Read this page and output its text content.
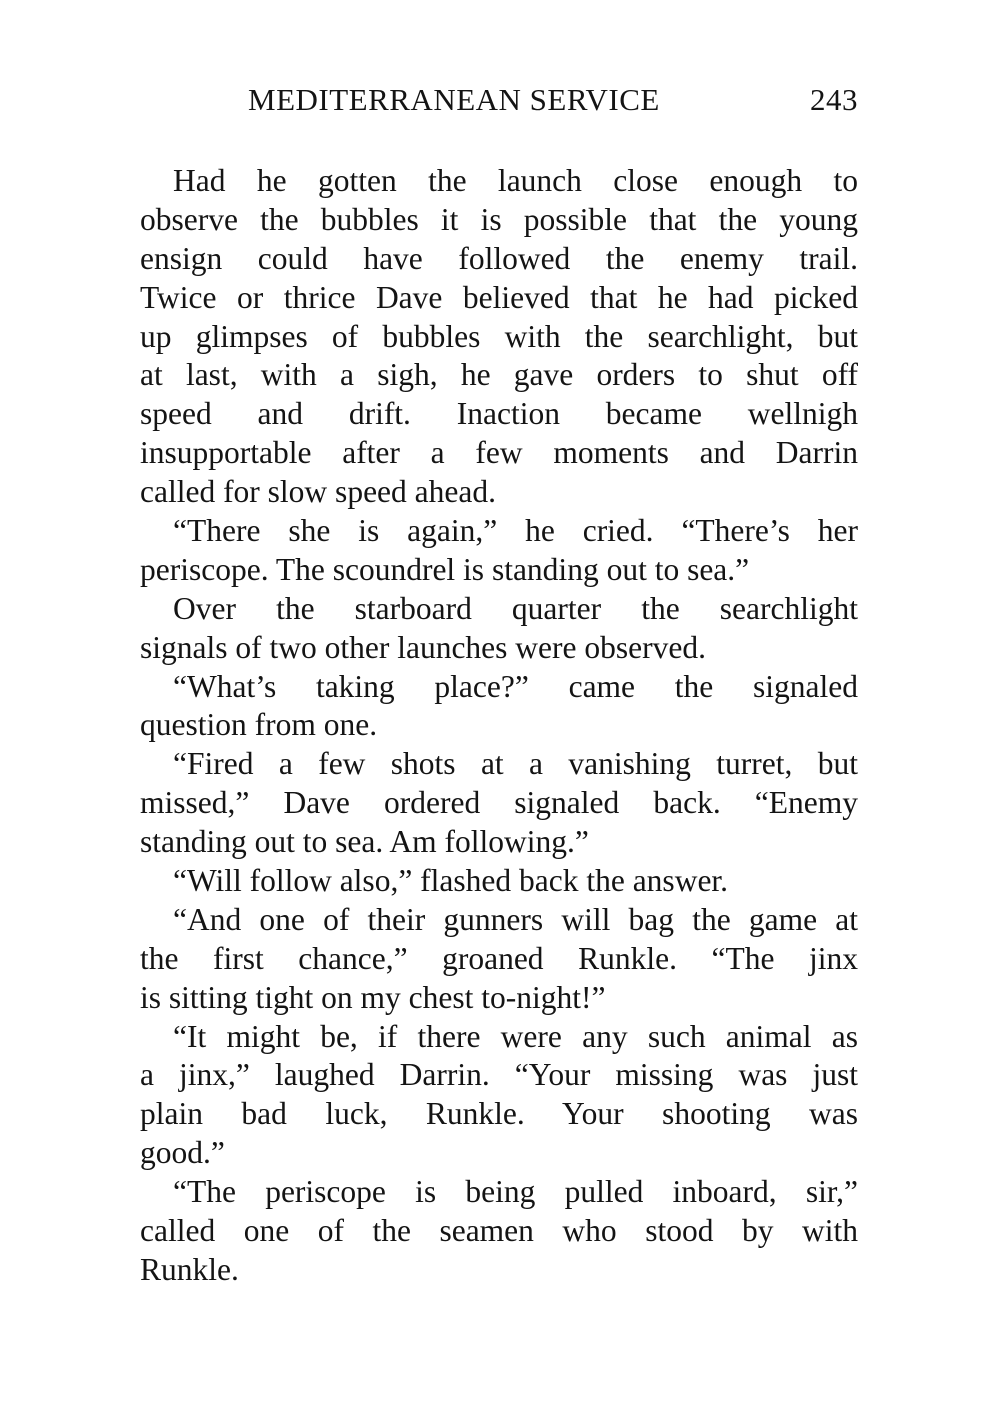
MEDITERRANEAN SERVICE	243
Had he gotten the launch close enough to
observe the bubbles it is possible that the young
ensign could have followed the enemy trail.
Twice or thrice Dave believed that he had picked
up glimpses of bubbles with the searchlight, but
at last, with a sigh, he gave orders to shut off
speed and drift. Inaction became wellnigh
insupportable after a few moments and Darrin
called for slow speed ahead.
“There she is again,” he cried. “There’s her
periscope. The scoundrel is standing out to sea.”
Over the starboard quarter the searchlight
signals of two other launches were observed.
“What’s taking place?” came the signaled
question from one.
“Fired a few shots at a vanishing turret, but
missed,” Dave ordered signaled back. “Enemy
standing out to sea. Am following.”
“Will follow also,” flashed back the answer.
“And one of their gunners will bag the game at
the first chance,” groaned Runkle. “The jinx
is sitting tight on my chest to-night!”
“It might be, if there were any such animal as
a jinx,” laughed Darrin. “Your missing was just
plain bad luck, Runkle. Your shooting was
good.”
“The periscope is being pulled inboard, sir,”
called one of the seamen who stood by with
Runkle.
